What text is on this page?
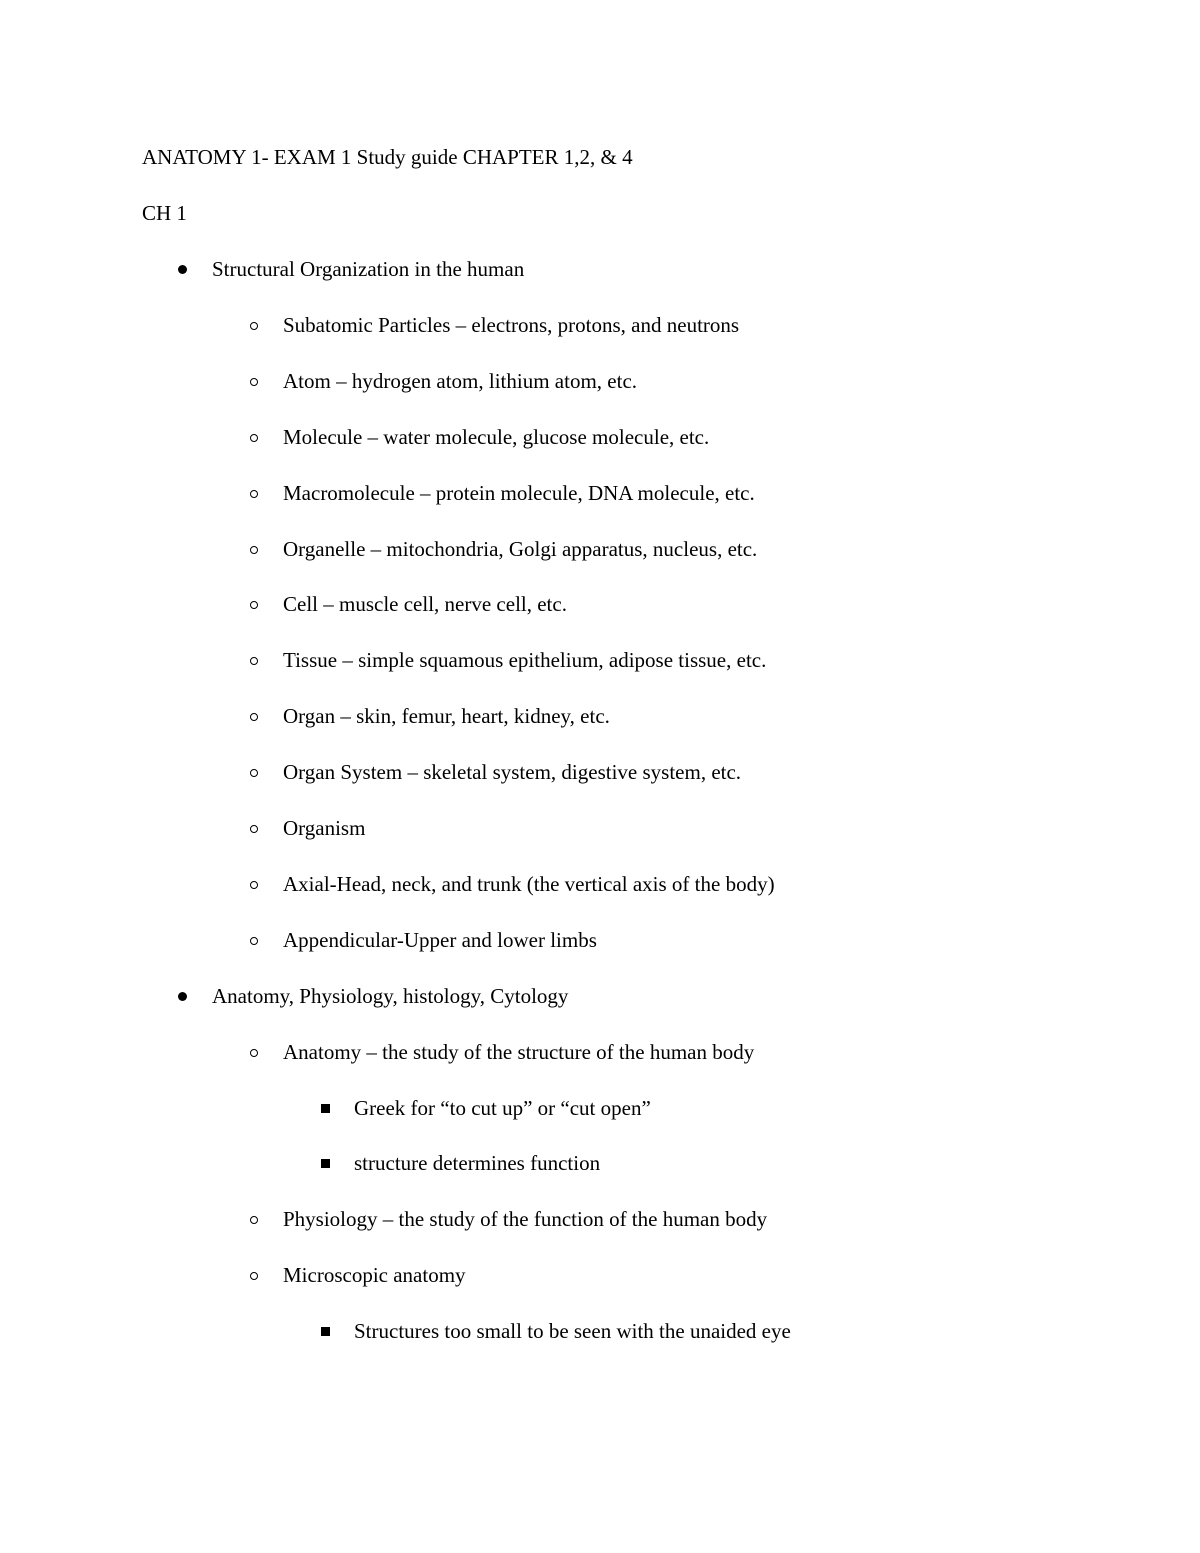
ANATOMY 1- EXAM 1 Study guide CHAPTER 1,2, & 4
CH 1
Structural Organization in the human
Subatomic Particles – electrons, protons, and neutrons
Atom – hydrogen atom, lithium atom, etc.
Molecule – water molecule, glucose molecule, etc.
Macromolecule – protein molecule, DNA molecule, etc.
Organelle – mitochondria, Golgi apparatus, nucleus, etc.
Cell – muscle cell, nerve cell, etc.
Tissue – simple squamous epithelium, adipose tissue, etc.
Organ – skin, femur, heart, kidney, etc.
Organ System – skeletal system, digestive system, etc.
Organism
Axial-Head, neck, and trunk (the vertical axis of the body)
Appendicular-Upper and lower limbs
Anatomy, Physiology, histology, Cytology
Anatomy – the study of the structure of the human body
Greek for “to cut up” or “cut open”
structure determines function
Physiology – the study of the function of the human body
Microscopic anatomy
Structures too small to be seen with the unaided eye
